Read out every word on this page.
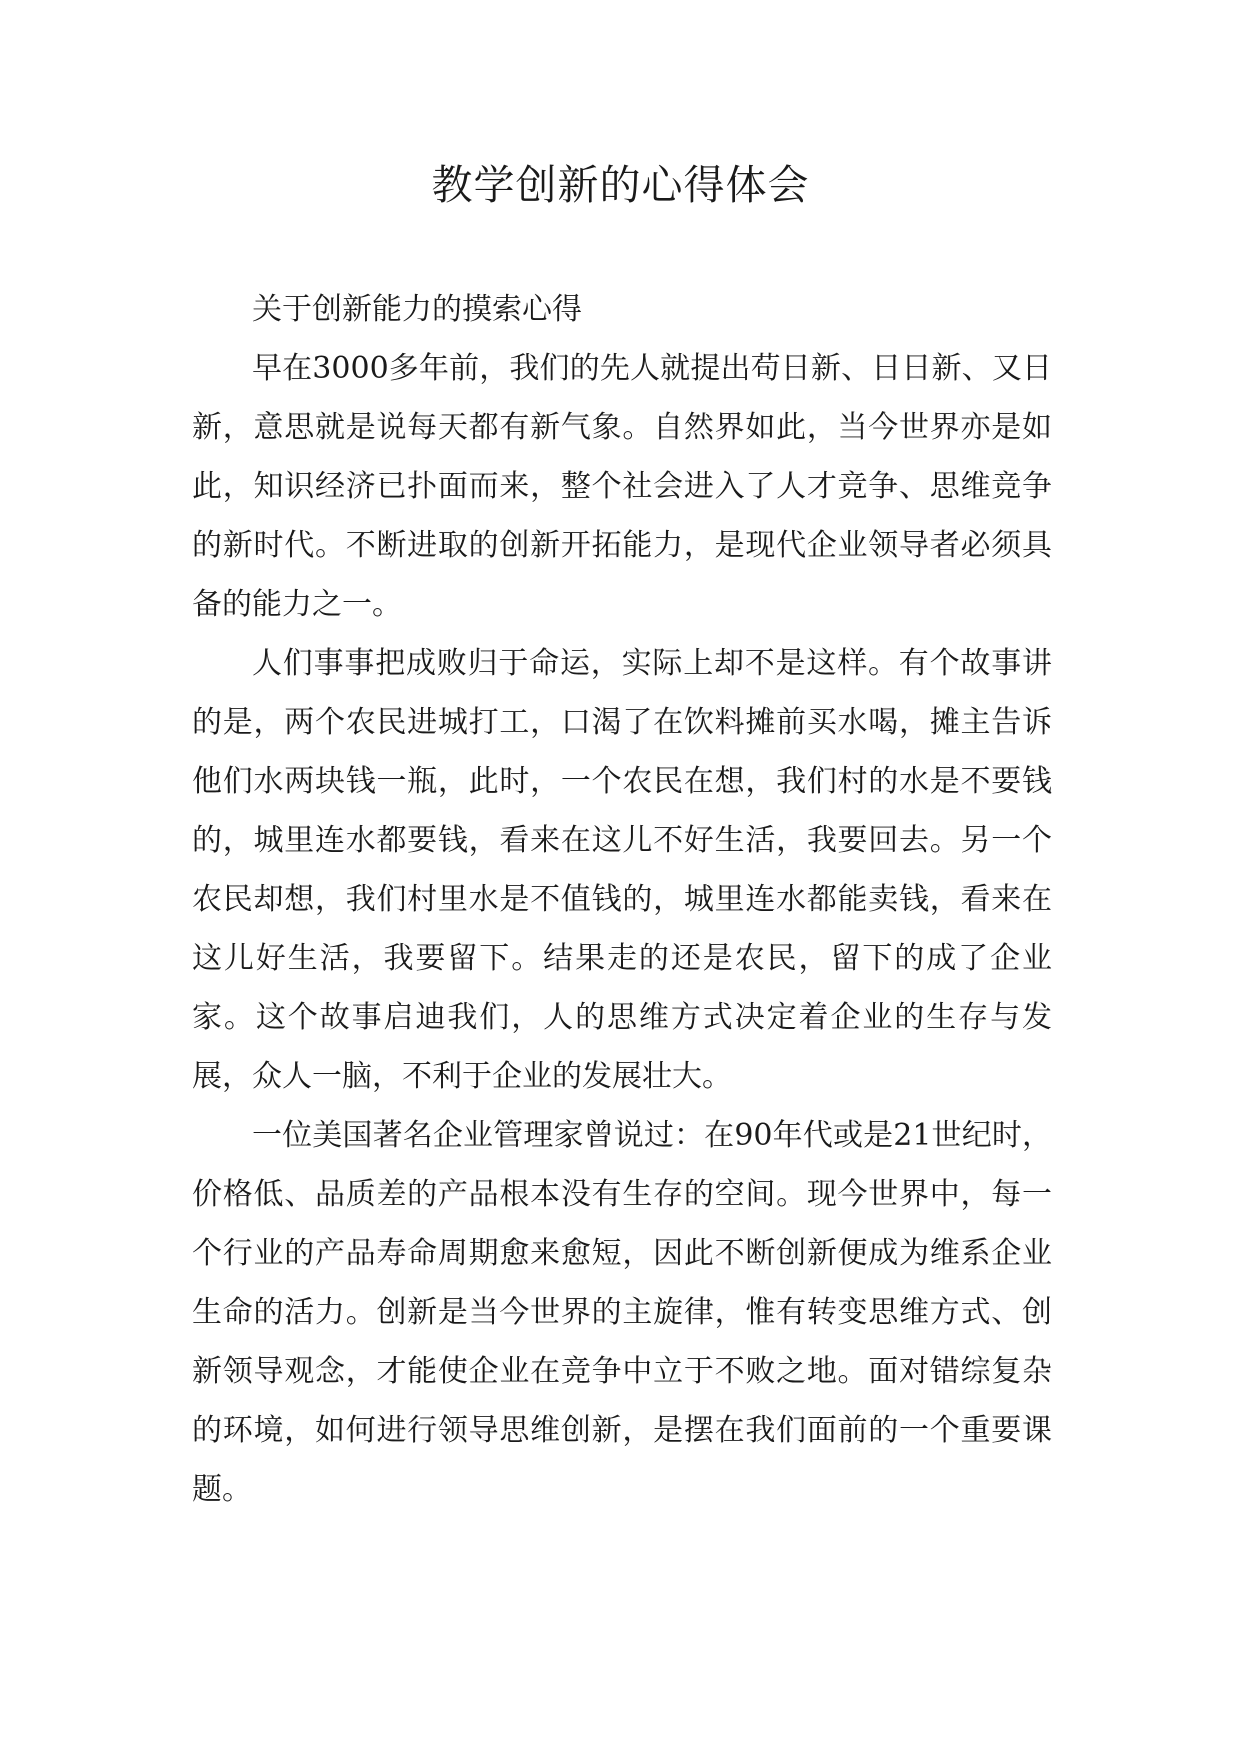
教学创新的心得体会

关于创新能力的摸索心得

早在3000多年前，我们的先人就提出苟日新、日日新、又日新，意思就是说每天都有新气象。自然界如此，当今世界亦是如此，知识经济已扑面而来，整个社会进入了人才竞争、思维竞争的新时代。不断进取的创新开拓能力，是现代企业领导者必须具备的能力之一。

人们事事把成败归于命运，实际上却不是这样。有个故事讲的是，两个农民进城打工，口渴了在饮料摊前买水喝，摊主告诉他们水两块钱一瓶，此时，一个农民在想，我们村的水是不要钱的，城里连水都要钱，看来在这儿不好生活，我要回去。另一个农民却想，我们村里水是不值钱的，城里连水都能卖钱，看来在这儿好生活，我要留下。结果走的还是农民，留下的成了企业家。这个故事启迪我们，人的思维方式决定着企业的生存与发展，众人一脑，不利于企业的发展壮大。

一位美国著名企业管理家曾说过：在90年代或是21世纪时，价格低、品质差的产品根本没有生存的空间。现今世界中，每一个行业的产品寿命周期愈来愈短，因此不断创新便成为维系企业生命的活力。创新是当今世界的主旋律，惟有转变思维方式、创新领导观念，才能使企业在竞争中立于不败之地。面对错综复杂的环境，如何进行领导思维创新，是摆在我们面前的一个重要课题。
